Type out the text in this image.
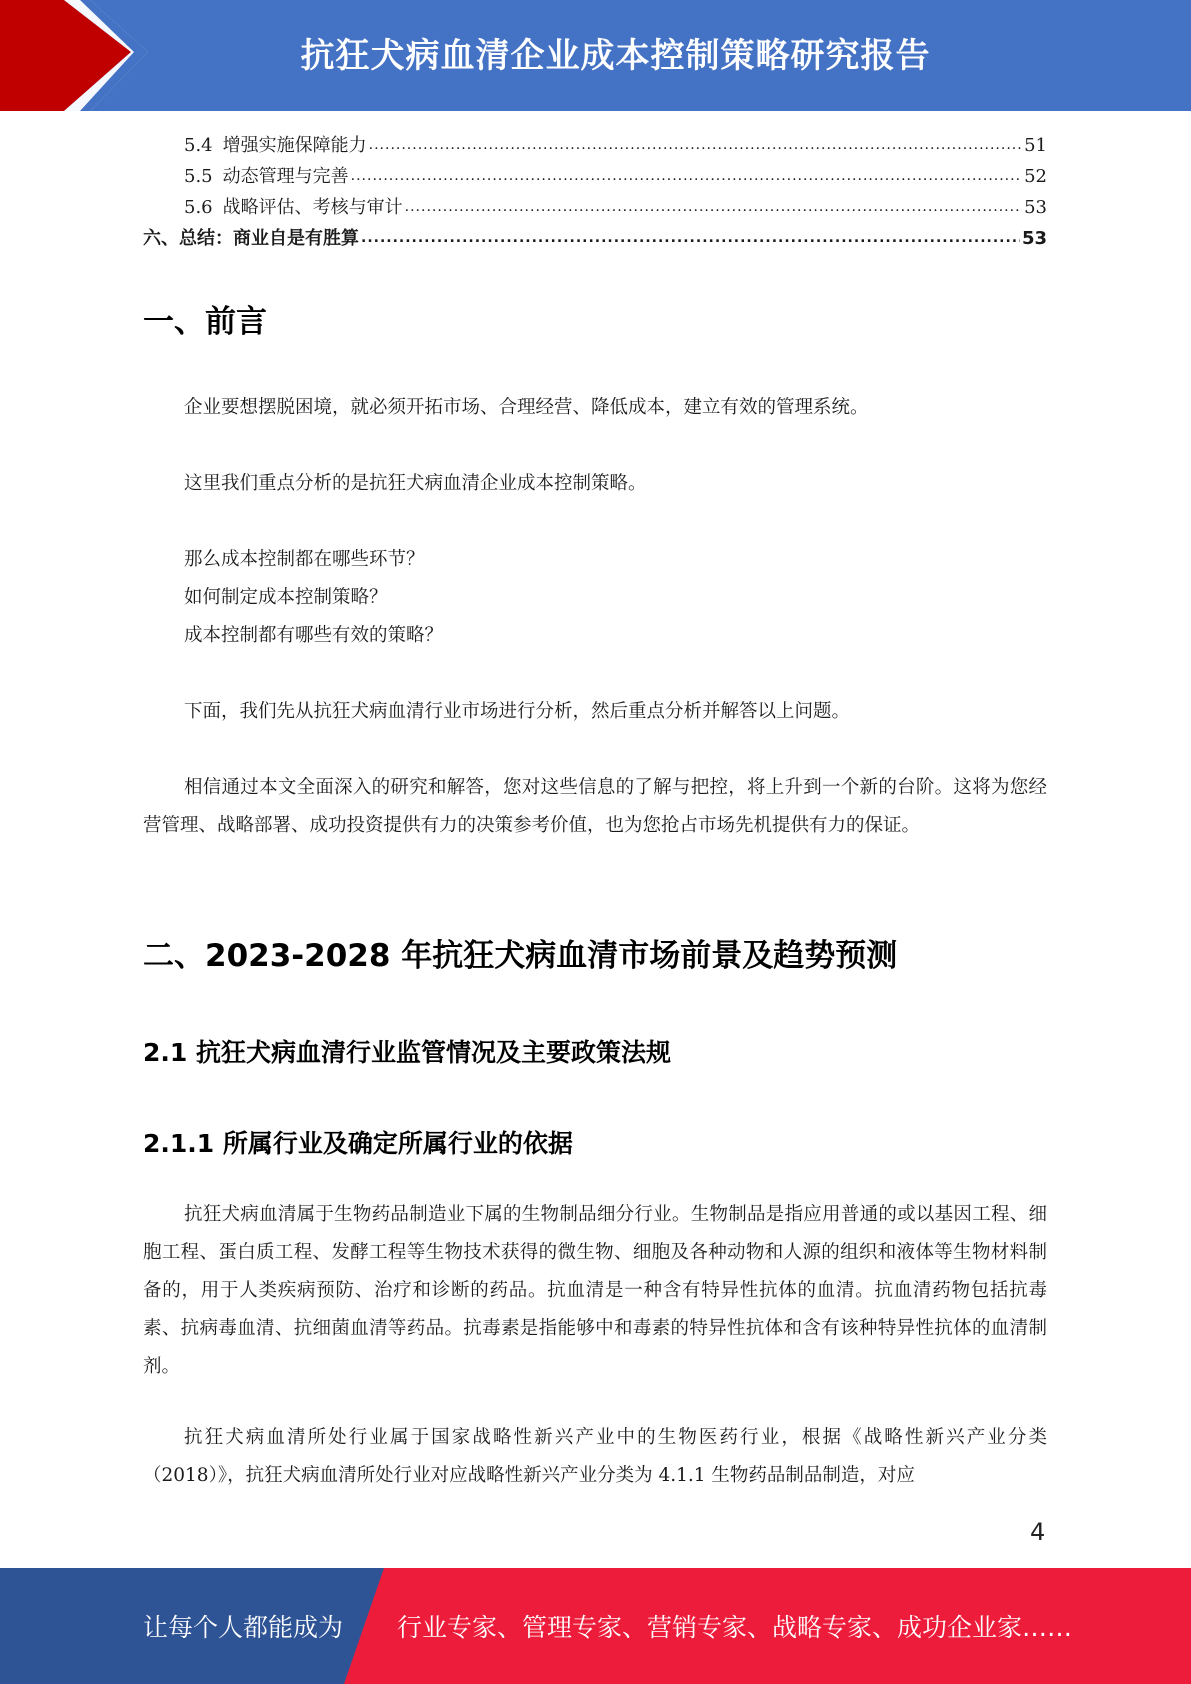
抗狂犬病血清企业成本控制策略研究报告
5.4 增强实施保障能力 .....	51
5.5 动态管理与完善 .....	52
5.6 战略评估、考核与审计 .....	53
六、总结：商业自是有胜算 .....	53
一、前言

企业要想摆脱困境，就必须开拓市场、合理经营、降低成本，建立有效的管理系统。

这里我们重点分析的是抗狂犬病血清企业成本控制策略。

那么成本控制都在哪些环节？

如何制定成本控制策略？

成本控制都有哪些有效的策略？

下面，我们先从抗狂犬病血清行业市场进行分析，然后重点分析并解答以上问题。

相信通过本文全面深入的研究和解答，您对这些信息的了解与把控，将上升到一个新的台阶。这将为您经营管理、战略部署、成功投资提供有力的决策参考价值，也为您抢占市场先机提供有力的保证。

二、2023-2028 年抗狂犬病血清市场前景及趋势预测
2.1 抗狂犬病血清行业监管情况及主要政策法规
2.1.1 所属行业及确定所属行业的依据

抗狂犬病血清属于生物药品制造业下属的生物制品细分行业。生物制品是指应用普通的或以基因工程、细胞工程、蛋白质工程、发酵工程等生物技术获得的微生物、细胞及各种动物和人源的组织和液体等生物材料制备的，用于人类疾病预防、治疗和诊断的药品。抗血清是一种含有特异性抗体的血清。抗血清药物包括抗毒素、抗病毒血清、抗细菌血清等药品。抗毒素是指能够中和毒素的特异性抗体和含有该种特异性抗体的血清制剂。

抗狂犬病血清所处行业属于国家战略性新兴产业中的生物医药行业，根据《战略性新兴产业分类（2018）》，抗狂犬病血清所处行业对应战略性新兴产业分类为 4.1.1 生物药品制品制造，对应

4
让每个人都能成为 行业专家、管理专家、营销专家、战略专家、成功企业家……
